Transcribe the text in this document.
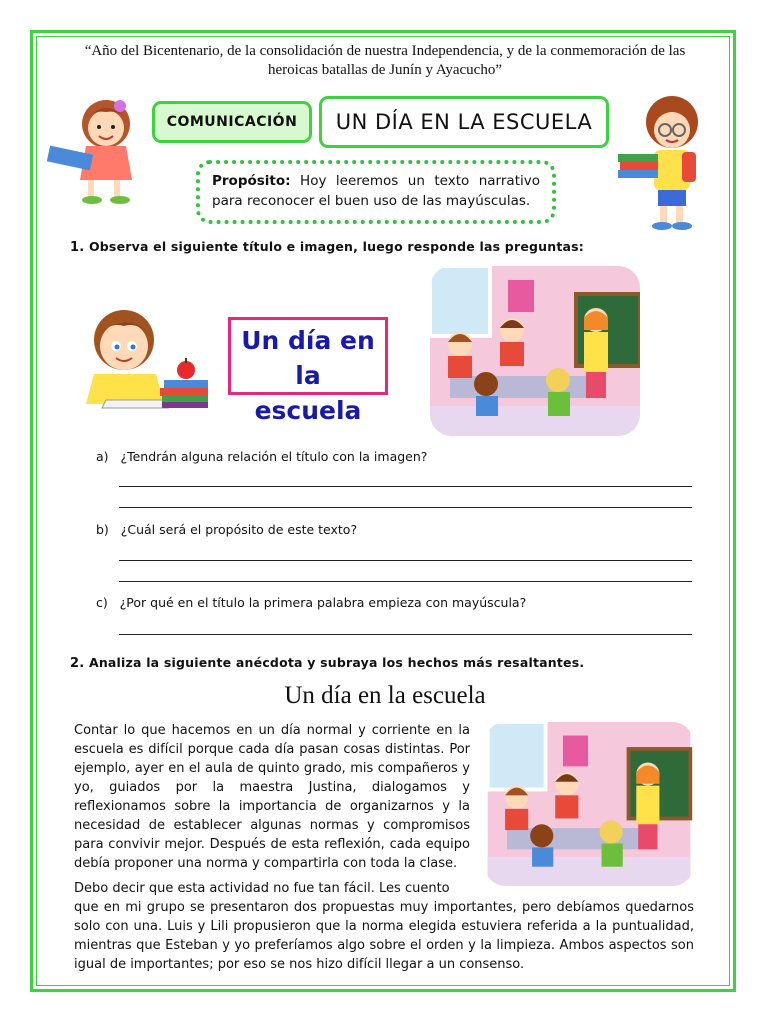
“Año del Bicentenario, de la consolidación de nuestra Independencia, y de la conmemoración de las heroicas batallas de Junín y Ayacucho”
COMUNICACIÓN	UN DÍA EN LA ESCUELA
Propósito: Hoy leeremos un texto narrativo para reconocer el buen uso de las mayúsculas.
1. Observa el siguiente título e imagen, luego responde las preguntas:
Un día en la
escuela
a) ¿Tendrán alguna relación el título con la imagen?
b) ¿Cuál será el propósito de este texto?
c) ¿Por qué en el título la primera palabra empieza con mayúscula?
2. Analiza la siguiente anécdota y subraya los hechos más resaltantes.
Un día en la escuela
Contar lo que hacemos en un día normal y corriente en la escuela es difícil porque cada día pasan cosas distintas. Por ejemplo, ayer en el aula de quinto grado, mis compañeros y yo, guiados por la maestra Justina, dialogamos y reflexionamos sobre la importancia de organizarnos y la necesidad de establecer algunas normas y compromisos para convivir mejor. Después de esta reflexión, cada equipo debía proponer una norma y compartirla con toda la clase.
Debo decir que esta actividad no fue tan fácil. Les cuento
que en mi grupo se presentaron dos propuestas muy importantes, pero debíamos quedarnos solo con una. Luis y Lili propusieron que la norma elegida estuviera referida a la puntualidad, mientras que Esteban y yo preferíamos algo sobre el orden y la limpieza. Ambos aspectos son igual de importantes; por eso se nos hizo difícil llegar a un consenso.
